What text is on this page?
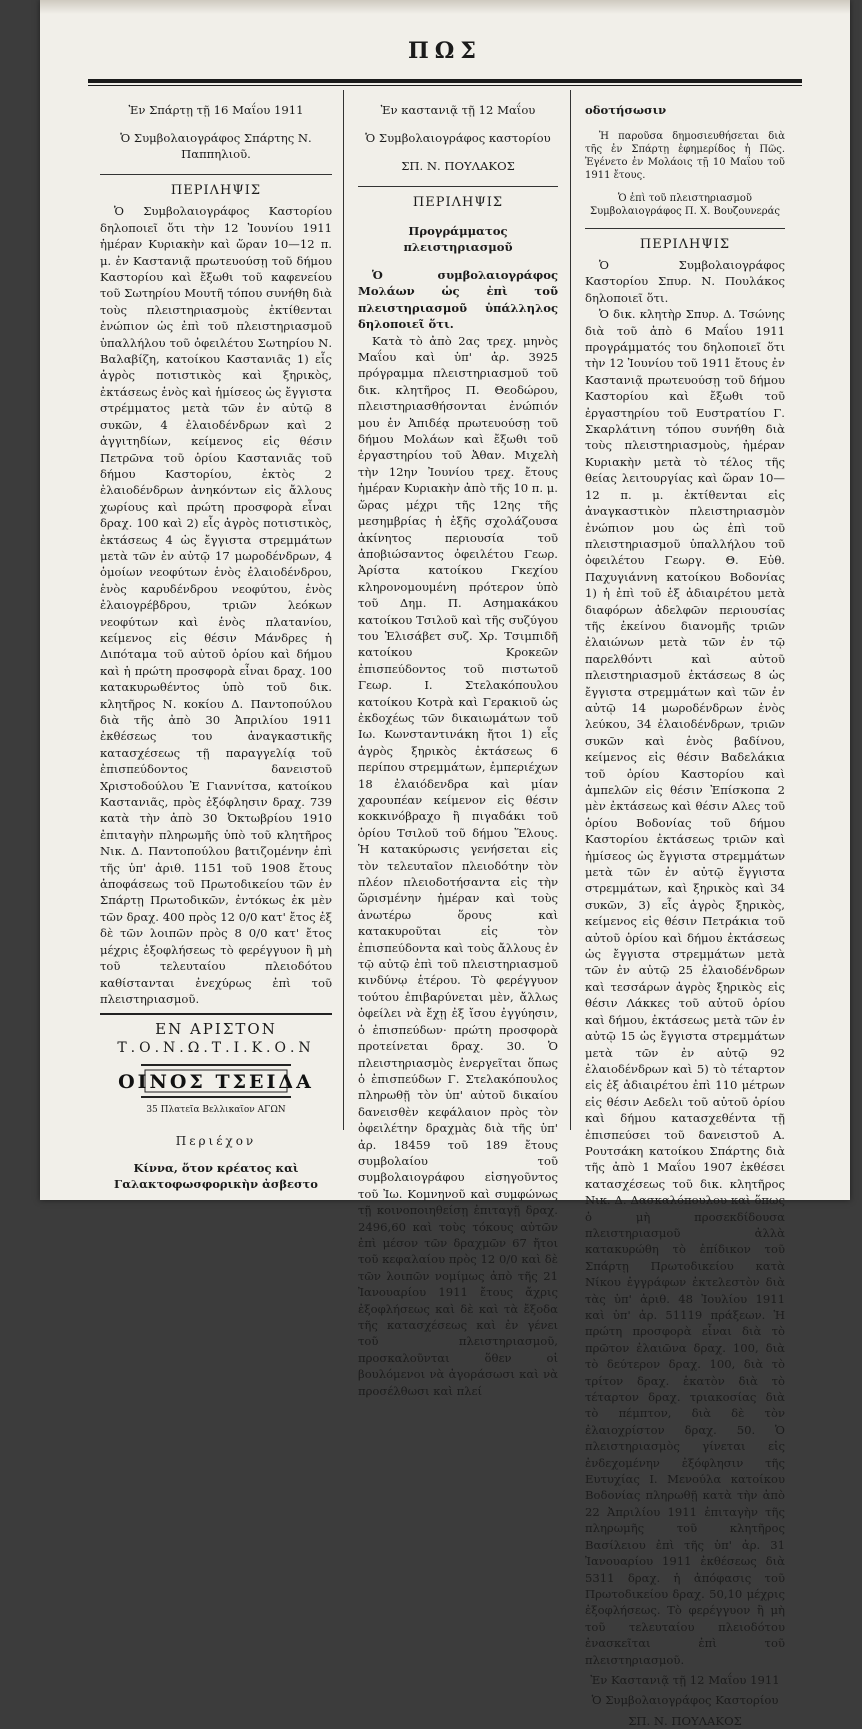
ΠΩΣ

Ἐν Σπάρτῃ τῇ 16 Μαΐου 1911

Ὁ Συμβολαιογράφος Σπάρτης Ν. Παππηλιοῦ.

ΠΕΡΙΛΗΨΙΣ

Ὁ Συμβολαιογράφος Καστορίου δηλοποιεῖ ὅτι τὴν 12 Ἰουνίου 1911 ἡμέραν Κυριακὴν καὶ ὥραν 10—12 π. μ. ἐν Καστανιᾷ πρωτευούσῃ τοῦ δήμου Καστορίου καὶ ἔξωθι τοῦ καφενείου τοῦ Σωτηρίου Μουτῆ τόπου συνήθη διὰ τοὺς πλειστηριασμοὺς ἐκτίθενται ἐνώπιον ὡς ἐπὶ τοῦ πλειστηριασμοῦ ὑπαλλήλου τοῦ ὀφειλέτου Σωτηρίου Ν. Βαλαβίζη, κατοίκου Καστανιᾶς 1) εἷς ἀγρὸς ποτιστικὸς καὶ ξηρικὸς, ἐκτάσεως ἑνὸς καὶ ἡμίσεος ὡς ἔγγιστα στρέμματος μετὰ τῶν ἐν αὐτῷ 8 συκῶν, 4 ἐλαιοδένδρων καὶ 2 ἀγγιτηδίων, κείμενος εἰς θέσιν Πετρῶνα τοῦ ὁρίου Καστανιᾶς τοῦ δήμου Καστορίου, ἐκτὸς 2 ἐλαιοδένδρων ἀνηκόντων εἰς ἄλλους χωρίους καὶ πρώτη προσφορὰ εἶναι δραχ. 100 καὶ 2) εἷς ἀγρὸς ποτιστικὸς, ἐκτάσεως 4 ὡς ἔγγιστα στρεμμάτων μετὰ τῶν ἐν αὐτῷ 17 μωροδένδρων, 4 ὁμοίων νεοφύτων ἑνὸς ἐλαιοδένδρου, ἑνὸς καρυδένδρου νεοφύτου, ἑνὸς ἐλαιογρέβδρου, τριῶν λεόκων νεοφύτων καὶ ἑνὸς πλατανίου, κείμενος εἰς θέσιν Μάνδρες ἡ Διπόταμα τοῦ αὐτοῦ ὁρίου καὶ δήμου καὶ ἡ πρώτη προσφορὰ εἶναι δραχ. 100 κατακυρωθέντος ὑπὸ τοῦ δικ. κλητῆρος Ν. κοκίου Δ. Παντοπούλου διὰ τῆς ἀπὸ 30 Ἀπριλίου 1911 ἐκθέσεως του ἀναγκαστικῆς κατασχέσεως τῇ παραγγελίᾳ τοῦ ἐπισπεύδοντος δανειστοῦ Χριστοδούλου Ἐ Γιαννίτσα, κατοίκου Καστανιᾶς, πρὸς ἐξόφλησιν δραχ. 739 κατὰ τὴν ἀπὸ 30 Ὀκτωβρίου 1910 ἐπιταγὴν πληρωμῆς ὑπὸ τοῦ κλητῆρος Νικ. Δ. Παντοπούλου βατιζομένην ἐπὶ τῆς ὑπ' ἀριθ. 1151 τοῦ 1908 ἔτους ἀποφάσεως τοῦ Πρωτοδικείου τῶν ἐν Σπάρτῃ Πρωτοδικῶν, ἐντόκως ἐκ μὲν τῶν δραχ. 400 πρὸς 12 0/0 κατ' ἔτος ἐξ δὲ τῶν λοιπῶν πρὸς 8 0/0 κατ' ἔτος μέχρις ἐξοφλήσεως τὸ φερέγγυον ἢ μὴ τοῦ τελευταίου πλειοδότου καθίστανται ἐνεχύρως ἐπὶ τοῦ πλειστηριασμοῦ.

ΕΝ ΑΡΙΣΤΟΝ

Τ.Ο.Ν.Ω.Τ.Ι.Κ.Ο.Ν

ΟΙΝΟΣ ΤΣΕΙΔΑ

35 Πλατεῖα Βελλικαῖον ΑΓΩΝ

Περιέχον

Κίννα, ὅτον κρέατος καὶ Γαλακτοφωσφορικὴν ἀσβεστο

Ἐν καστανιᾷ τῇ 12 Μαΐου

Ὁ Συμβολαιογράφος καστορίου

ΣΠ. Ν. ΠΟΥΛΑΚΟΣ

ΠΕΡΙΛΗΨΙΣ

Προγράμματος πλειστηριασμοῦ

Ὁ συμβολαιογράφος Μολάων ὡς ἐπὶ τοῦ πλειστηριασμοῦ ὑπάλληλος δηλοποιεῖ ὅτι.

Κατὰ τὸ ἀπὸ 2ας τρεχ. μηνὸς Μαΐου καὶ ὑπ' ἀρ. 3925 πρόγραμμα πλειστηριασμοῦ τοῦ δικ. κλητῆρος Π. Θεοδώρου, πλειστηριασθήσονται ἐνώπιόν μου ἐν Ἀπιδέᾳ πρωτευούσῃ τοῦ δήμου Μολάων καὶ ἔξωθι τοῦ ἐργαστηρίου τοῦ Ἀθαν. Μιχελὴ τὴν 12ην Ἰουνίου τρεχ. ἔτους ἡμέραν Κυριακὴν ἀπὸ τῆς 10 π. μ. ὥρας μέχρι τῆς 12ης τῆς μεσημβρίας ἡ ἐξῆς σχολάζουσα ἀκίνητος περιουσία τοῦ ἀποβιώσαντος ὀφειλέτου Γεωρ. Ἀρίστα κατοίκου Γκεχίου κληρονομουμένη πρότερον ὑπὸ τοῦ Δημ. Π. Ασημακάκου κατοίκου Τσιλοῦ καὶ τῆς συζύγου του Ἐλισάβετ συζ. Χρ. Τσιμπιδῆ κατοίκου Κροκεῶν ἐπισπεύδοντος τοῦ πιστωτοῦ Γεωρ. Ι. Στελακόπουλου κατοίκου Κοτρὰ καὶ Γερακιοῦ ὡς ἐκδοχέως τῶν δικαιωμάτων τοῦ Ιω. Κωνσταντινάκη ἤτοι 1) εἷς ἀγρὸς ξηρικὸς ἐκτάσεως 6 περίπου στρεμμάτων, ἐμπεριέχων 18 ἐλαιόδενδρα καὶ μίαν χαρουπέαν κείμενον εἰς θέσιν κοκκινόβραχο ἢ πιγαδάκι τοῦ ὁρίου Τσιλοῦ τοῦ δήμου Ἕλους. Ἡ κατακύρωσις γενήσεται εἰς τὸν τελευταῖον πλειοδότην τὸν πλέον πλειοδοτήσαντα εἰς τὴν ὥρισμένην ἡμέραν καὶ τοὺς ἀνωτέρω ὅρους καὶ κατακυροῦται εἰς τὸν ἐπισπεύδοντα καὶ τοὺς ἄλλους ἐν τῷ αὐτῷ ἐπὶ τοῦ πλειστηριασμοῦ κινδύνῳ ἑτέρου. Τὸ φερέγγυον τούτου ἐπιβαρύνεται μὲν, ἄλλως ὀφείλει νὰ ἔχῃ ἐξ ἴσου ἐγγύησιν, ὁ ἐπισπεύδων· πρώτη προσφορὰ προτείνεται δραχ. 30. Ὁ πλειστηριασμὸς ἐνεργεῖται ὅπως ὁ ἐπισπεύδων Γ. Στελακόπουλος πληρωθῇ τὸν ὑπ' αὐτοῦ δικαίου δανεισθὲν κεφάλαιον πρὸς τὸν ὀφειλέτην δραχμὰς διὰ τῆς ὑπ' ἀρ. 18459 τοῦ 189 ἔτους συμβολαίου τοῦ συμβολαιογράφου εἰσηγοῦντος τοῦ Ἰω. Κομνηνοῦ καὶ συμφώνως τῇ κοινοποιηθείσῃ ἐπιταγῇ δραχ. 2496,60 καὶ τοὺς τόκους αὐτῶν ἐπὶ μέσον τῶν δραχμῶν 67 ἤτοι τοῦ κεφαλαίου πρὸς 12 0/0 καὶ δὲ τῶν λοιπῶν νομίμως ἀπὸ τῆς 21 Ἰανουαρίου 1911 ἔτους ἄχρις ἐξοφλήσεως καὶ δὲ καὶ τὰ ἔξοδα τῆς κατασχέσεως καὶ ἐν γένει τοῦ πλειστηριασμοῦ, προσκαλοῦνται ὅθεν οἱ βουλόμενοι νὰ ἀγοράσωσι καὶ νὰ προσέλθωσι καὶ πλεί

οδοτήσωσιν

Ἡ παροῦσα δημοσιευθήσεται διὰ τῆς ἐν Σπάρτῃ ἐφημερίδος ἡ Πῶς. Ἐγένετο ἐν Μολάοις τῇ 10 Μαΐου τοῦ 1911 ἔτους.

Ὁ ἐπὶ τοῦ πλειστηριασμοῦ Συμβολαιογράφος Π. Χ. Βουζουνεράς

ΠΕΡΙΛΗΨΙΣ

Ὁ Συμβολαιογράφος Καστορίου Σπυρ. Ν. Πουλάκος δηλοποιεῖ ὅτι.

Ὁ δικ. κλητὴρ Σπυρ. Δ. Τσώνης διὰ τοῦ ἀπὸ 6 Μαΐου 1911 προγράμματός του δηλοποιεῖ ὅτι τὴν 12 Ἰουνίου τοῦ 1911 ἔτους ἐν Καστανιᾷ πρωτευούσῃ τοῦ δήμου Καστορίου καὶ ἔξωθι τοῦ ἐργαστηρίου τοῦ Ευστρατίου Γ. Σκαρλάτινη τόπου συνήθη διὰ τοὺς πλειστηριασμοὺς, ἡμέραν Κυριακὴν μετὰ τὸ τέλος τῆς θείας λειτουργίας καὶ ὥραν 10—12 π. μ. ἐκτίθενται εἰς ἀναγκαστικὸν πλειστηριασμὸν ἐνώπιον μου ὡς ἐπὶ τοῦ πλειστηριασμοῦ ὑπαλλήλου τοῦ ὀφειλέτου Γεωργ. Θ. Εὐθ. Παχυγιάννη κατοίκου Βοδονίας 1) ἡ ἐπὶ τοῦ ἑξ ἀδιαιρέτου μετὰ διαφόρων ἀδελφῶν περιουσίας τῆς ἐκείνου διανομῆς τριῶν ἐλαιώνων μετὰ τῶν ἐν τῷ παρελθόντι καὶ αὐτοῦ πλειστηριασμοῦ ἐκτάσεως 8 ὡς ἔγγιστα στρεμμάτων καὶ τῶν ἐν αὐτῷ 14 μωροδένδρων ἑνὸς λεύκου, 34 ἐλαιοδένδρων, τριῶν συκῶν καὶ ἑνὸς βαδίνου, κείμενος εἰς θέσιν Βαδελάκια τοῦ ὁρίου Καστορίου καὶ ἀμπελῶν εἰς θέσιν Ἐπίσκοπα 2 μὲν ἐκτάσεως καὶ θέσιν Αλες τοῦ ὁρίου Βοδονίας τοῦ δήμου Καστορίου ἐκτάσεως τριῶν καὶ ἡμίσεος ὡς ἔγγιστα στρεμμάτων μετὰ τῶν ἐν αὐτῷ ἔγγιστα στρεμμάτων, καὶ ξηρικὸς καὶ 34 συκῶν, 3) εἷς ἀγρὸς ξηρικὸς, κείμενος εἰς θέσιν Πετράκια τοῦ αὐτοῦ ὁρίου καὶ δήμου ἐκτάσεως ὡς ἔγγιστα στρεμμάτων μετὰ τῶν ἐν αὐτῷ 25 ἐλαιοδένδρων καὶ τεσσάρων ἀγρὸς ξηρικὸς εἰς θέσιν Λάκκες τοῦ αὐτοῦ ὁρίου καὶ δήμου, ἐκτάσεως μετὰ τῶν ἐν αὐτῷ 15 ὡς ἔγγιστα στρεμμάτων μετὰ τῶν ἐν αὐτῷ 92 ἐλαιοδένδρων καὶ 5) τὸ τέταρτον εἰς ἐξ ἀδιαιρέτου ἐπὶ 110 μέτρων εἰς θέσιν Αεδελι τοῦ αὐτοῦ ὁρίου καὶ δήμου κατασχεθέντα τῇ ἐπισπεύσει τοῦ δανειστοῦ Α. Ρουτσάκη κατοίκου Σπάρτης διὰ τῆς ἀπὸ 1 Μαΐου 1907 ἐκθέσει κατασχέσεως τοῦ δικ. κλητῆρος Νικ. Δ. Δασκαλόπουλου καὶ ὅπως ὁ μὴ προσεκδίδουσα πλειστηριασμοῦ ἀλλὰ κατακυρώθη τὸ ἐπίδικον τοῦ Σπάρτῃ Πρωτοδικείου κατὰ Νίκου ἐγγράφων ἐκτελεστὸν διὰ τὰς ὑπ' ἀριθ. 48 Ἰουλίου 1911 καὶ ὑπ' ἀρ. 51119 πράξεων. Ἡ πρώτη προσφορὰ εἶναι διὰ τὸ πρῶτον ἐλαιῶνα δραχ. 100, διὰ τὸ δεύτερον δραχ. 100, διὰ τὸ τρίτον δραχ. ἑκατὸν διὰ τὸ τέταρτον δραχ. τριακοσίας διὰ τὸ πέμπτον, διὰ δὲ τὸν ἐλαιοχρίστον δραχ. 50. Ὁ πλειστηριασμὸς γίνεται εἰς ἐνδεχομένην ἐξόφλησιν τῆς Ευτυχίας Ι. Μενούλα κατοίκου Βοδονίας πληρωθῇ κατὰ τὴν ἀπὸ 22 Ἀπριλίου 1911 ἐπιταγὴν τῆς πληρωμῆς τοῦ κλητῆρος Βασίλειου ἐπὶ τῆς ὑπ' ἀρ. 31 Ἰανουαρίου 1911 ἐκθέσεως διὰ 5311 δραχ. ἡ ἀπόφασις τοῦ Πρωτοδικείου δραχ. 50,10 μέχρις ἐξοφλήσεως. Τὸ φερέγγυον ἢ μὴ τοῦ τελευταίου πλειοδότου ἐνασκεῖται ἐπὶ τοῦ πλειστηριασμοῦ.

Ἐν Καστανιᾷ τῇ 12 Μαΐου 1911

Ὁ Συμβολαιογράφος Καστορίου

ΣΠ. Ν. ΠΟΥΛΑΚΟΣ
